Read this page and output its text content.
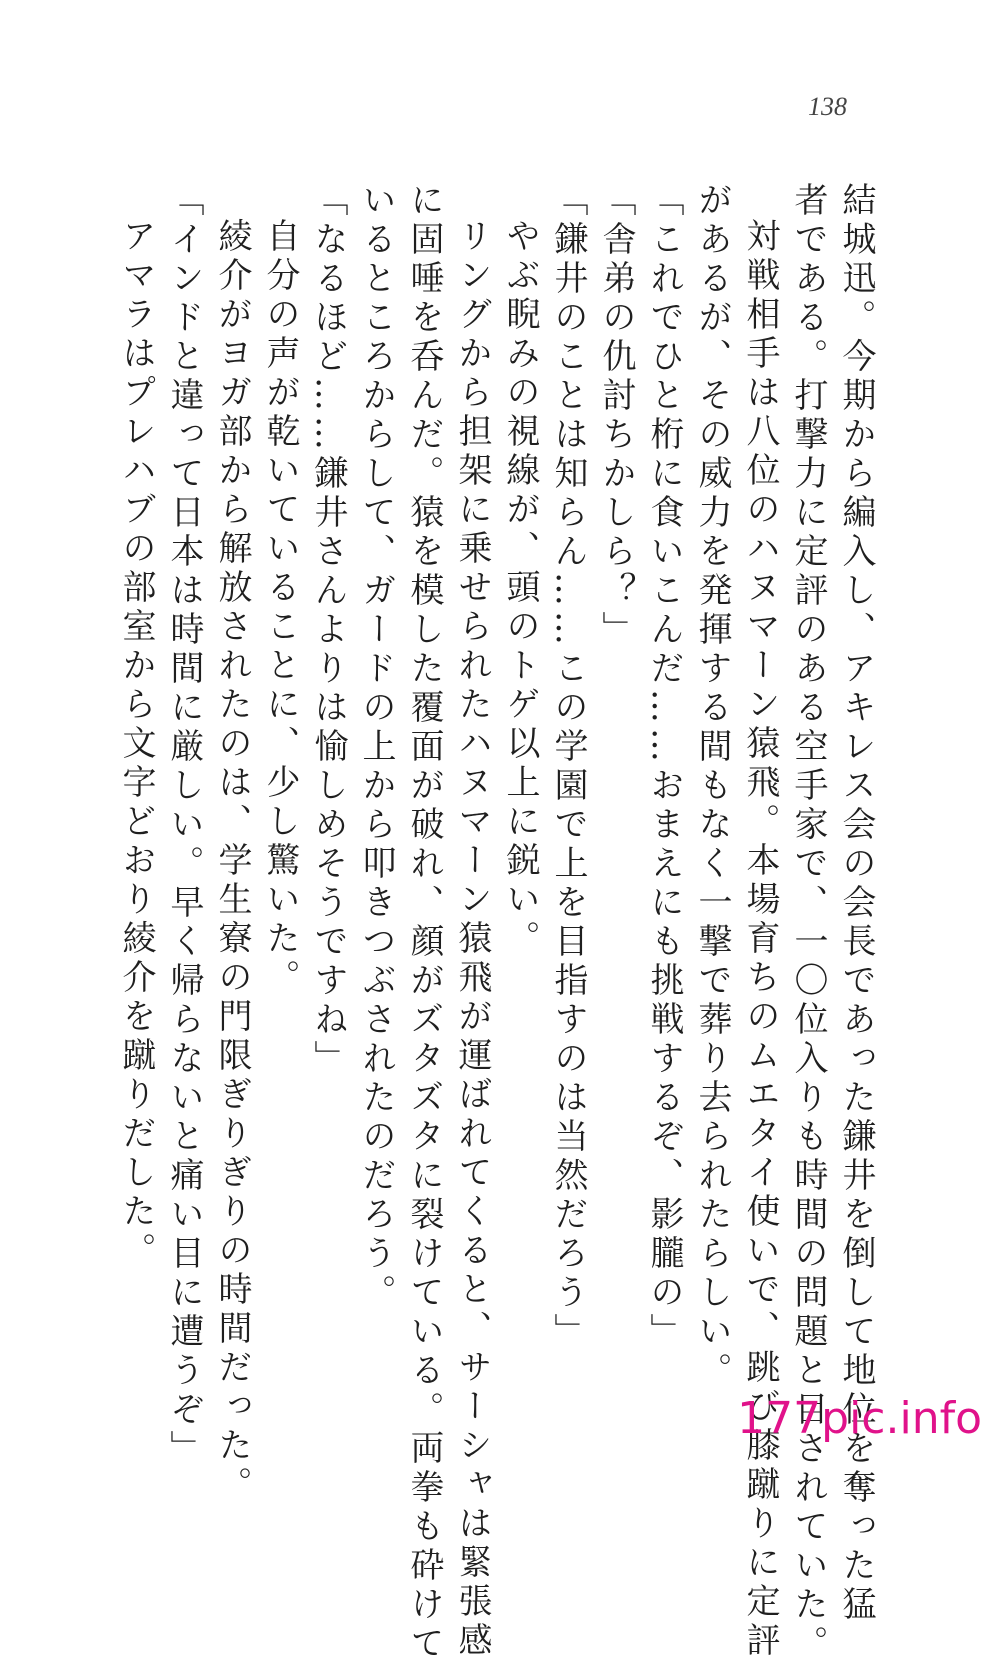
138
結城迅。今期から編入し、アキレス会の会長であった鎌井を倒して地位を奪った猛
者である。打撃力に定評のある空手家で、一〇位入りも時間の問題と目されていた。
対戦相手は八位のハヌマーン猿飛。本場育ちのムエタイ使いで、跳び膝蹴りに定評
があるが、その威力を発揮する間もなく一撃で葬り去られたらしい。
「これでひと桁に食いこんだ……おまえにも挑戦するぞ、影朧の」
「舎弟の仇討ちかしら？」
「鎌井のことは知らん……この学園で上を目指すのは当然だろう」
やぶ睨みの視線が、頭のトゲ以上に鋭い。
リングから担架に乗せられたハヌマーン猿飛が運ばれてくると、サーシャは緊張感
に固唾を呑んだ。猿を模した覆面が破れ、顔がズタズタに裂けている。両拳も砕けて
いるところからして、ガードの上から叩きつぶされたのだろう。
「なるほど……鎌井さんよりは愉しめそうですね」
自分の声が乾いていることに、少し驚いた。
綾介がヨガ部から解放されたのは、学生寮の門限ぎりぎりの時間だった。
「インドと違って日本は時間に厳しい。早く帰らないと痛い目に遭うぞ」
アマラはプレハブの部室から文字どおり綾介を蹴りだした。
177pic.info
